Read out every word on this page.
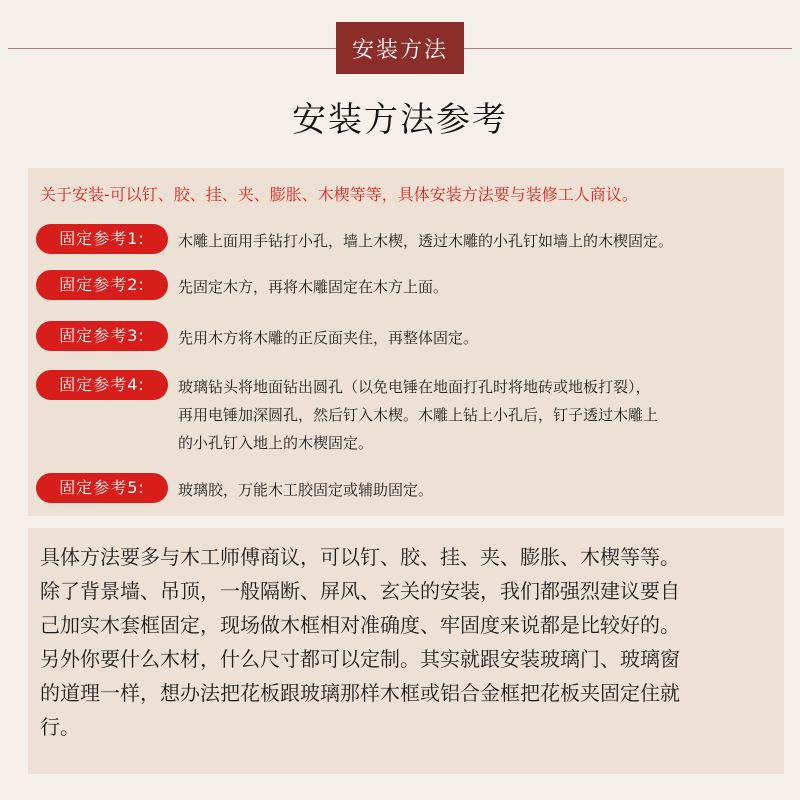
安装方法
安装方法参考
关于安装-可以钉、胶、挂、夹、膨胀、木楔等等，具体安装方法要与装修工人商议。
固定参考1:	木雕上面用手钻打小孔，墙上木楔，透过木雕的小孔钉如墙上的木楔固定。
固定参考2:	先固定木方，再将木雕固定在木方上面。
固定参考3:	先用木方将木雕的正反面夹住，再整体固定。
固定参考4:	玻璃钻头将地面钻出圆孔（以免电锤在地面打孔时将地砖或地板打裂），
再用电锤加深圆孔，然后钉入木楔。木雕上钻上小孔后，钉子透过木雕上
的小孔钉入地上的木楔固定。
固定参考5:	玻璃胶，万能木工胶固定或辅助固定。
具体方法要多与木工师傅商议，可以钉、胶、挂、夹、膨胀、木楔等等。
除了背景墙、吊顶，一般隔断、屏风、玄关的安装，我们都强烈建议要自
己加实木套框固定，现场做木框相对准确度、牢固度来说都是比较好的。
另外你要什么木材，什么尺寸都可以定制。其实就跟安装玻璃门、玻璃窗
的道理一样，想办法把花板跟玻璃那样木框或铝合金框把花板夹固定住就
行。
